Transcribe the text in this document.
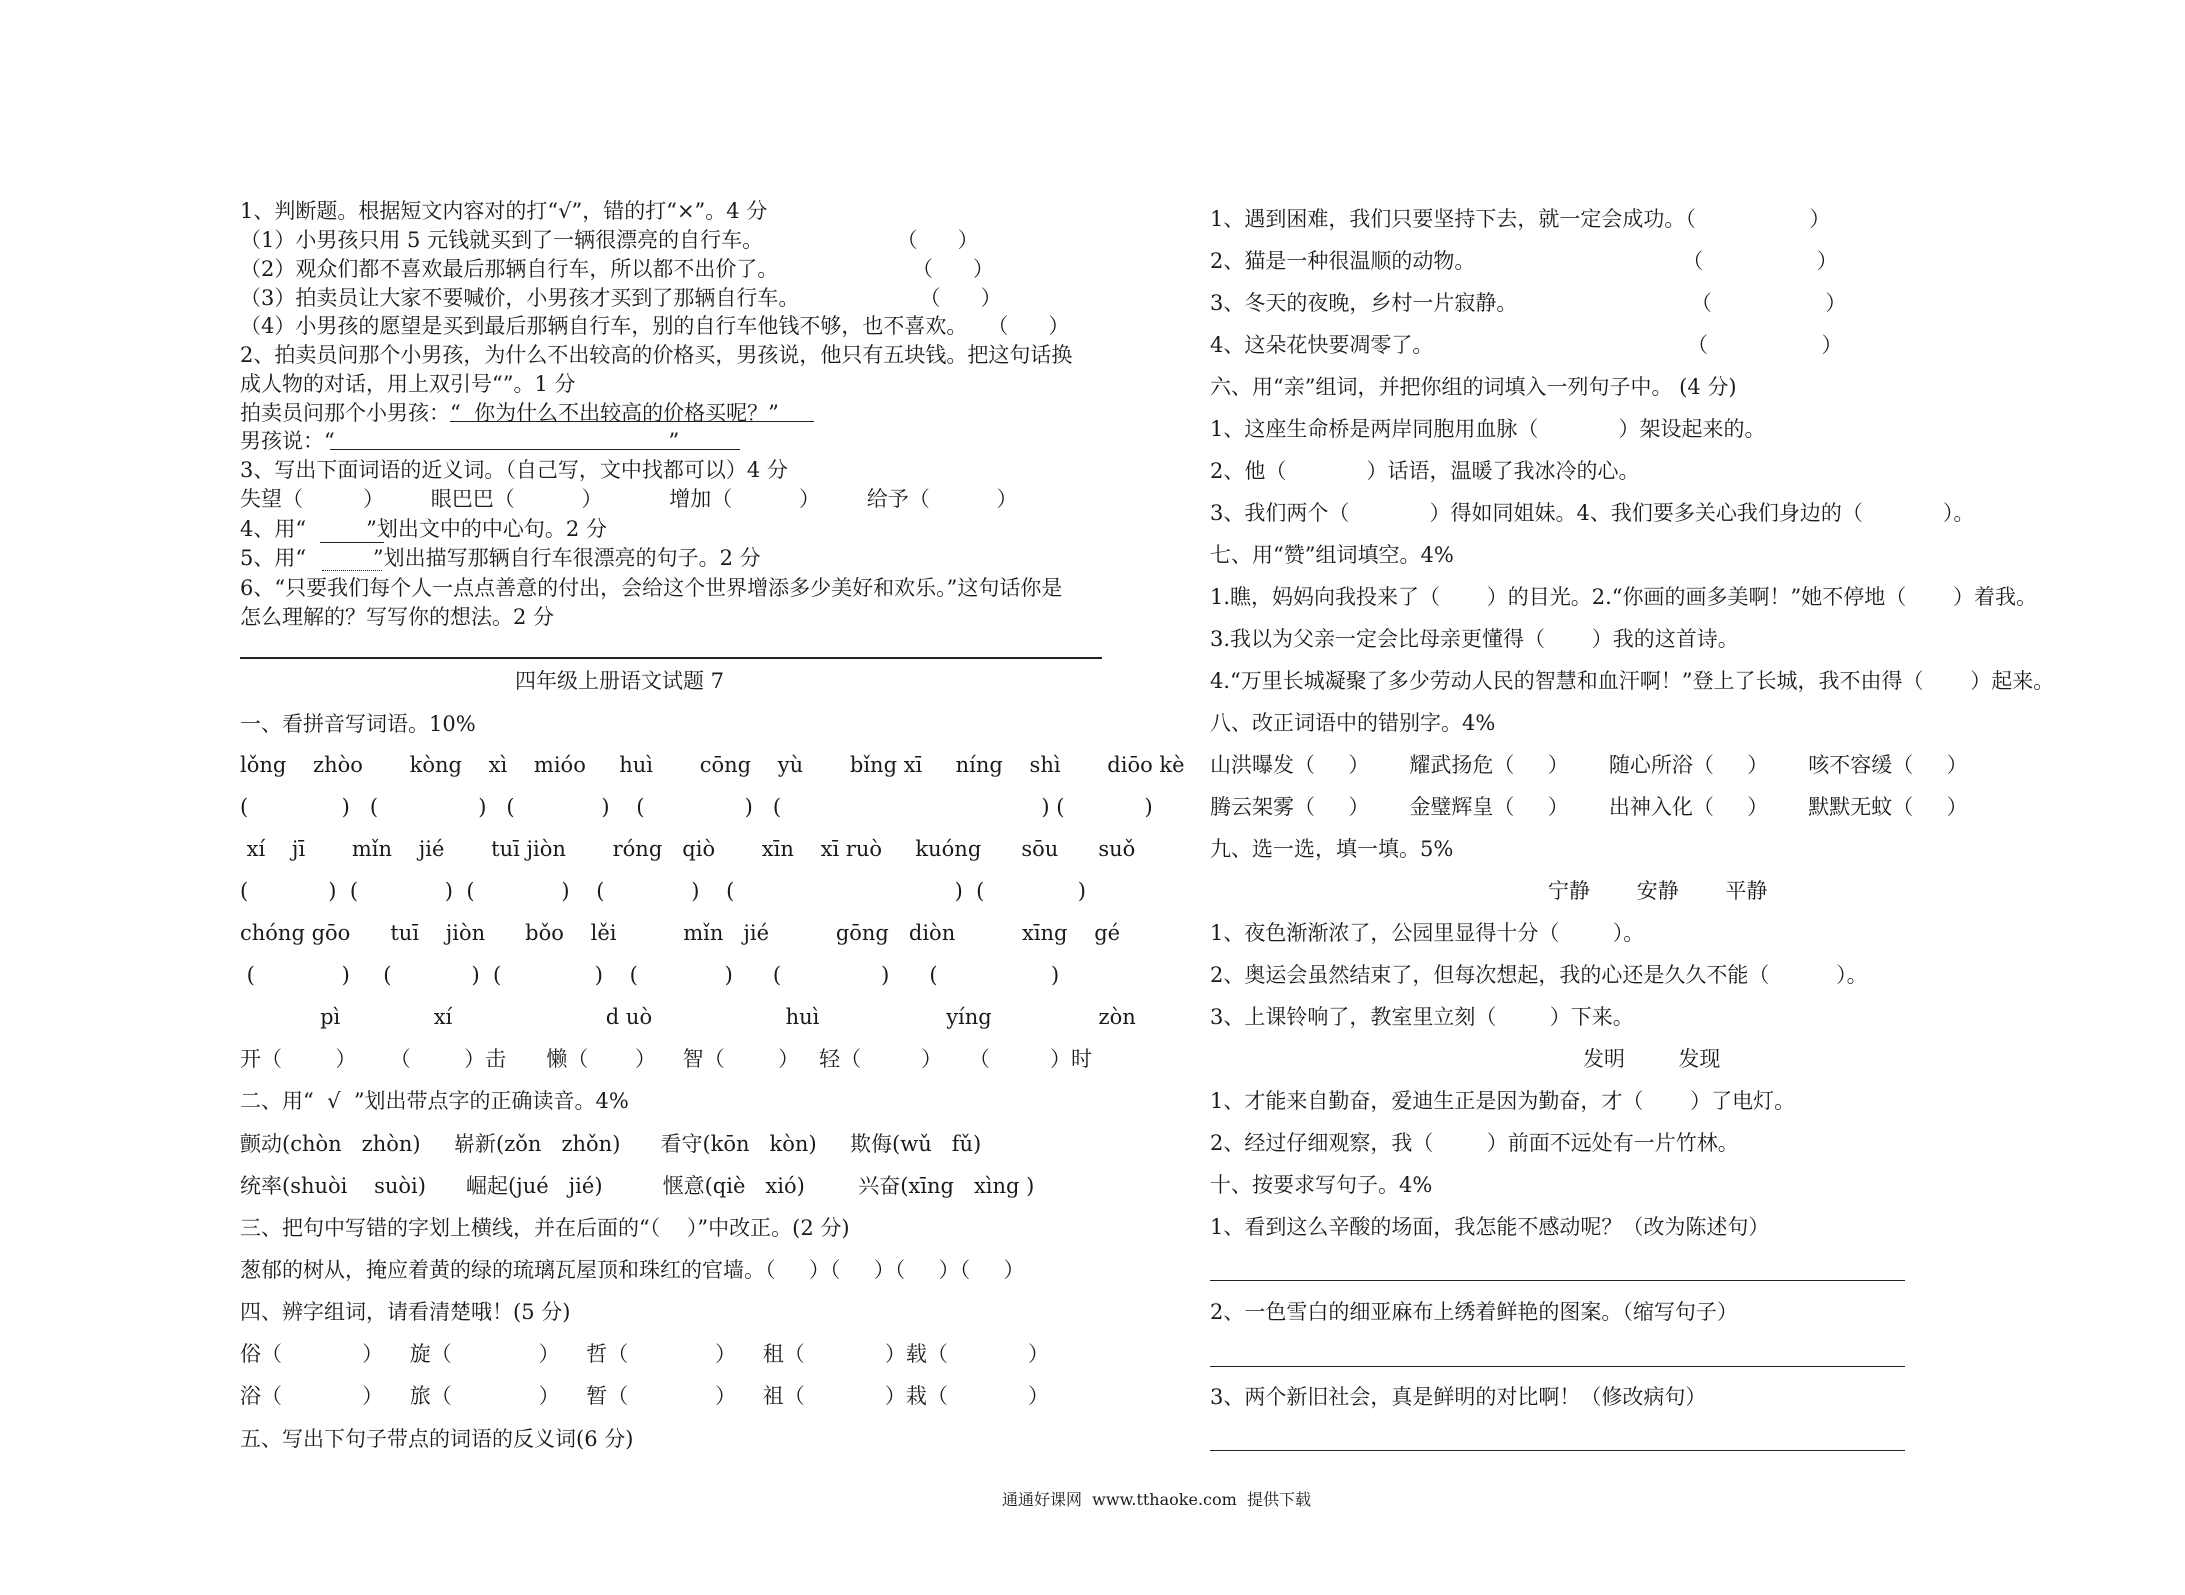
1、判断题。根据短文内容对的打“√”，错的打“×”。4 分
（1）小男孩只用 5 元钱就买到了一辆很漂亮的自行车。                    （      ）
（2）观众们都不喜欢最后那辆自行车，所以都不出价了。                    （      ）
（3）拍卖员让大家不要喊价，小男孩才买到了那辆自行车。                  （      ）
（4）小男孩的愿望是买到最后那辆自行车，别的自行车他钱不够，也不喜欢。   （      ）
2、拍卖员问那个小男孩，为什么不出较高的价格买，男孩说，他只有五块钱。把这句话换
成人物的对话，用上双引号“”。1 分
拍卖员问那个小男孩：“  你为什么不出较高的价格买呢？”
男孩说：“                                                  ”
3、写出下面词语的近义词。（自己写，文中找都可以）4 分
失望（         ）       眼巴巴（          ）          增加（          ）       给予（          ）
4、用“         ”划出文中的中心句。2 分
5、用“          ”划出描写那辆自行车很漂亮的句子。2 分
6、“只要我们每个人一点点善意的付出，会给这个世界增添多少美好和欢乐。”这句话你是
怎么理解的？写写你的想法。2 分
四年级上册语文试题 7
一、看拼音写词语。10%
lǒng    zhòo       kòng    xì    mióo     huì       cōng    yù       bǐng xī     níng    shì       diōo kè
(              )   (               )   (             )    (               )   (                                       ) (            )
xí    jī       mǐn    jié       tuī jiòn       róng   qiò       xīn    xī ruò     kuóng      sōu      suǒ
(            )  (             )  (             )    (             )    (                                 )  (              )
chóng gōo      tuī    jiòn      bǒo    lěi          mǐn   jié          gōng   diòn          xīng    gé
(             )     (            )  (              )    (             )      (               )      (                 )
pì              xí                       d uò                    huì                   yíng                zòn
开（        ）     （        ）击      懒（       ）    智（        ）   轻（         ）    （         ）时
二、用“  √  ”划出带点字的正确读音。4%
颤动(chòn   zhòn)     崭新(zǒn   zhǒn)      看守(kōn   kòn)     欺侮(wǔ   fǔ)
统率(shuòi    suòi)      崛起(jué   jié)         惬意(qiè   xió)        兴奋(xīng   xìng )
三、把句中写错的字划上横线，并在后面的“（    ）”中改正。(2 分)
葱郁的树从，掩应着黄的绿的琉璃瓦屋顶和珠红的官墙。（     ）（     ）（     ）（     ）
四、辨字组词，请看清楚哦！(5 分)
俗（            ）    旋（             ）    哲（             ）    租（            ）载（            ）
浴（            ）    旅（             ）    暂（             ）    祖（            ）栽（            ）
五、写出下句子带点的词语的反义词(6 分)
1、遇到困难，我们只要坚持下去，就一定会成功。（                 ）
2、猫是一种很温顺的动物。                               （                 ）
3、冬天的夜晚，乡村一片寂静。                          （                 ）
4、这朵花快要凋零了。                                      （                 ）
六、用“亲”组词，并把你组的词填入一列句子中。 (4 分)
1、这座生命桥是两岸同胞用血脉（            ）架设起来的。
2、他（            ）话语，温暖了我冰冷的心。
3、我们两个（            ）得如同姐妹。4、我们要多关心我们身边的（            ）。
七、用“赞”组词填空。4%
1.瞧，妈妈向我投来了（       ）的目光。2.“你画的画多美啊！”她不停地（       ）着我。
3.我以为父亲一定会比母亲更懂得（       ）我的这首诗。
4.“万里长城凝聚了多少劳动人民的智慧和血汗啊！”登上了长城，我不由得（       ）起来。
八、改正词语中的错别字。4%
山洪曝发（     ）      耀武扬危（     ）      随心所浴（     ）      咳不容缓（     ）
腾云架雾（     ）      金璧辉皇（     ）      出神入化（     ）      默默无蚊（     ）
九、选一选，填一填。5%
宁静       安静       平静
1、夜色渐渐浓了，公园里显得十分（        ）。
2、奥运会虽然结束了，但每次想起，我的心还是久久不能（          ）。
3、上课铃响了，教室里立刻（        ）下来。
发明        发现
1、才能来自勤奋，爱迪生正是因为勤奋，才（       ）了电灯。
2、经过仔细观察，我（        ）前面不远处有一片竹林。
十、按要求写句子。4%
1、看到这么辛酸的场面，我怎能不感动呢？（改为陈述句）
2、一色雪白的细亚麻布上绣着鲜艳的图案。（缩写句子）
3、两个新旧社会，真是鲜明的对比啊！（修改病句）
通通好课网  www.tthaoke.com  提供下载
